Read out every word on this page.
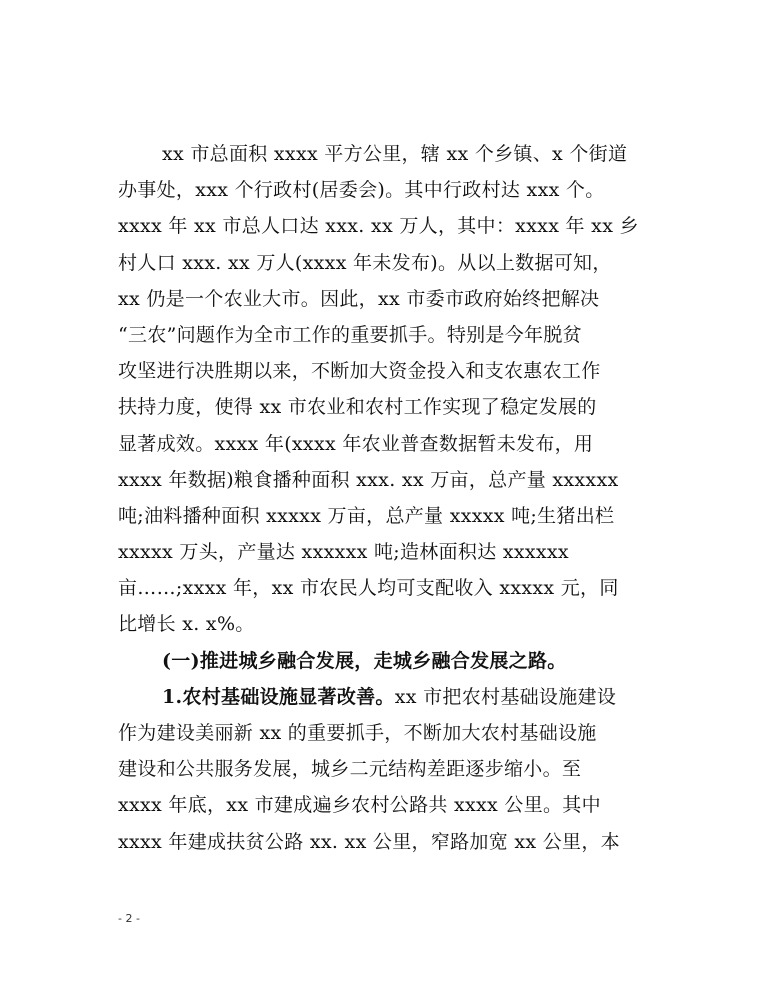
xx 市总面积 xxxx 平方公里，辖 xx 个乡镇、x 个街道
办事处，xxx 个行政村(居委会)。其中行政村达 xxx 个。
xxxx 年 xx 市总人口达 xxx. xx 万人，其中：xxxx 年 xx 乡
村人口 xxx. xx 万人(xxxx 年未发布)。从以上数据可知，
xx 仍是一个农业大市。因此，xx 市委市政府始终把解决
“三农”问题作为全市工作的重要抓手。特别是今年脱贫
攻坚进行决胜期以来，不断加大资金投入和支农惠农工作
扶持力度，使得 xx 市农业和农村工作实现了稳定发展的
显著成效。xxxx 年(xxxx 年农业普查数据暂未发布，用
xxxx 年数据)粮食播种面积 xxx. xx 万亩，总产量 xxxxxx
吨;油料播种面积 xxxxx 万亩，总产量 xxxxx 吨;生猪出栏
xxxxx 万头，产量达 xxxxxx 吨;造林面积达 xxxxxx
亩……;xxxx 年，xx 市农民人均可支配收入 xxxxx 元，同
比增长 x. x%。
(一)推进城乡融合发展，走城乡融合发展之路。
1.农村基础设施显著改善。xx 市把农村基础设施建设
作为建设美丽新 xx 的重要抓手，不断加大农村基础设施
建设和公共服务发展，城乡二元结构差距逐步缩小。至
xxxx 年底，xx 市建成遍乡农村公路共 xxxx 公里。其中
xxxx 年建成扶贫公路 xx. xx 公里，窄路加宽 xx 公里，本
- 2 -
